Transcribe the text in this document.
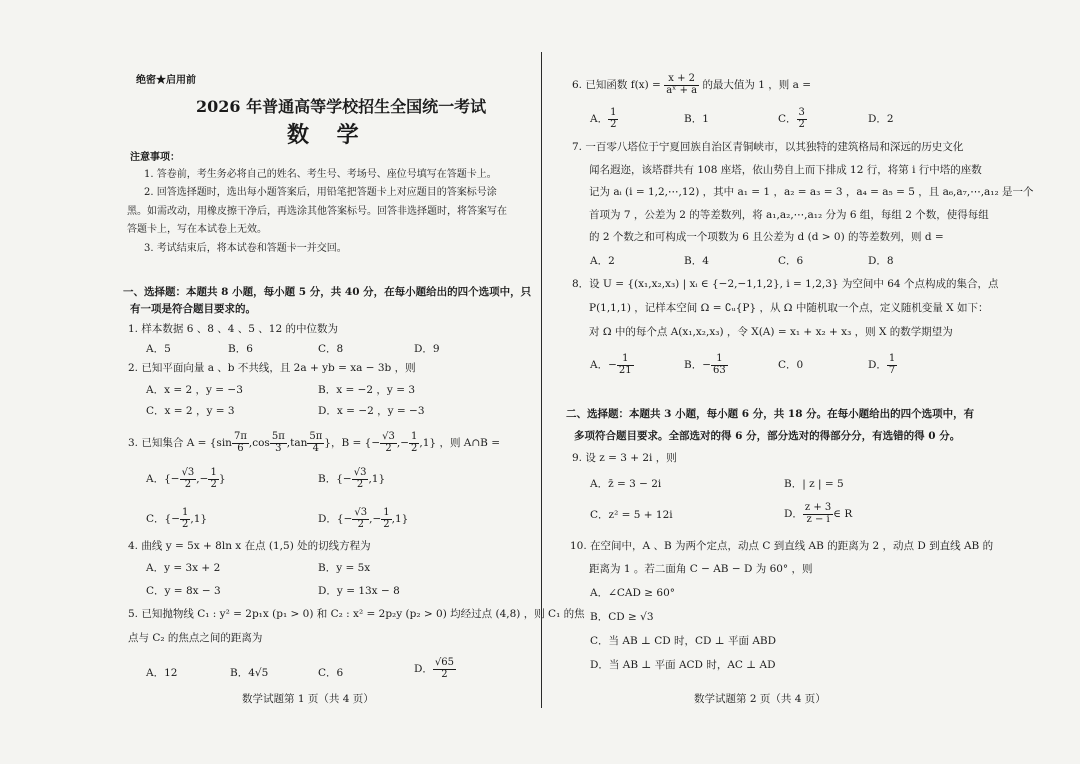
绝密★启用前
2026 年普通高等学校招生全国统一考试
数 学
注意事项：
1. 答卷前，考生务必将自己的姓名、考生号、考场号、座位号填写在答题卡上。
2. 回答选择题时，选出每小题答案后，用铅笔把答题卡上对应题目的答案标号涂
黑。如需改动，用橡皮擦干净后，再选涂其他答案标号。回答非选择题时，将答案写在
答题卡上，写在本试卷上无效。
3. 考试结束后，将本试卷和答题卡一并交回。
一、选择题：本题共 8 小题，每小题 5 分，共 40 分，在每小题给出的四个选项中，只
有一项是符合题目要求的。
1. 样本数据 6 、8 、4 、5 、12 的中位数为
A．5	B．6	C．8	D．9
2. 已知平面向量 a 、b 不共线，且 2a + yb = xa − 3b ，则
A．x = 2 ，y = −3	B．x = −2 ，y = 3
C．x = 2 ，y = 3	D．x = −2 ，y = −3
3. 已知集合 $A = \{\sin \frac{7\pi}{6} ,\cos \frac{5\pi}{3} ,\tan \frac{5\pi}{4}$ }，B = {− $\frac{√3}{2}$ ,− $\frac{1}{2} ,1$} ，则 A∩B =
A．{− $\frac{√3}{2}$ ,− $\frac{1}{2}$ }	B．{− $\frac{√3}{2} ,1$}
C．{− $\frac{1}{2} ,1$}	D．{− $\frac{√3}{2}$ ,− $\frac{1}{2} ,1$}
4. 曲线 y = 5x + 8ln x 在点 (1,5) 处的切线方程为
A．y = 3x + 2	B．y = 5x
C．y = 8x − 3	D．y = 13x − 8
5. 已知抛物线 C₁ : y² = 2p₁x (p₁ > 0) 和 C₂ : x² = 2p₂y (p₂ > 0) 均经过点 (4,8) ，则 C₁ 的焦
点与 C₂ 的焦点之间的距离为
A．12	B．4√5	C．6	D． $\frac{√65}{2}$
数学试题第 1 页（共 4 页）
6. 已知函数 $f(x) = \frac{x + 2}{\text{aˣ + a}}$ 的最大值为 1 ，则 a =
A． $\frac{1}{2}$	B．1	C． $\frac{3}{2}$	D．2
7. 一百零八塔位于宁夏回族自治区青铜峡市，以其独特的建筑格局和深远的历史文化
闻名遐迩，该塔群共有 108 座塔，依山势自上而下排成 12 行，将第 i 行中塔的座数
记为 aᵢ (i = 1,2,⋯,12) ，其中 a₁ = 1 ，a₂ = a₃ = 3 ，a₄ = a₅ = 5 ，且 a₆,a₇,⋯,a₁₂ 是一个
首项为 7 ，公差为 2 的等差数列，将 a₁,a₂,⋯,a₁₂ 分为 6 组，每组 2 个数，使得每组
的 2 个数之和可构成一个项数为 6 且公差为 d (d > 0) 的等差数列，则 d =
A．2	B．4	C．6	D．8
8．设 U = {(x₁,x₂,x₃) | xᵢ ∈ {−2,−1,1,2}, i = 1,2,3} 为空间中 64 个点构成的集合，点
P(1,1,1) ，记样本空间 Ω = ∁ᵤ{P} ，从 Ω 中随机取一个点，定义随机变量 X 如下：
对 Ω 中的每个点 A(x₁,x₂,x₃) ，令 X(A) = x₁ + x₂ + x₃ ，则 X 的数学期望为
A．− $\frac{1}{21}$	B．− $\frac{1}{63}$	C．0	D． $\frac{1}{7}$
二、选择题：本题共 3 小题，每小题 6 分，共 18 分。在每小题给出的四个选项中，有
多项符合题目要求。全部选对的得 6 分，部分选对的得部分分，有选错的得 0 分。
9. 设 z = 3 + 2i ，则
A．z̄ = 3 − 2i	B．| z | = 5
C．z² = 5 + 12i	D． $\frac{z + 3}{z - i}$ ∈ R
10. 在空间中，A 、B 为两个定点，动点 C 到直线 AB 的距离为 2 ，动点 D 到直线 AB 的
距离为 1 。若二面角 C − AB − D 为 60° ，则
A．∠CAD ≥ 60°
B．CD ≥ √3
C．当 AB ⊥ CD 时，CD ⊥ 平面 ABD
D．当 AB ⊥ 平面 ACD 时，AC ⊥ AD
数学试题第 2 页（共 4 页）
